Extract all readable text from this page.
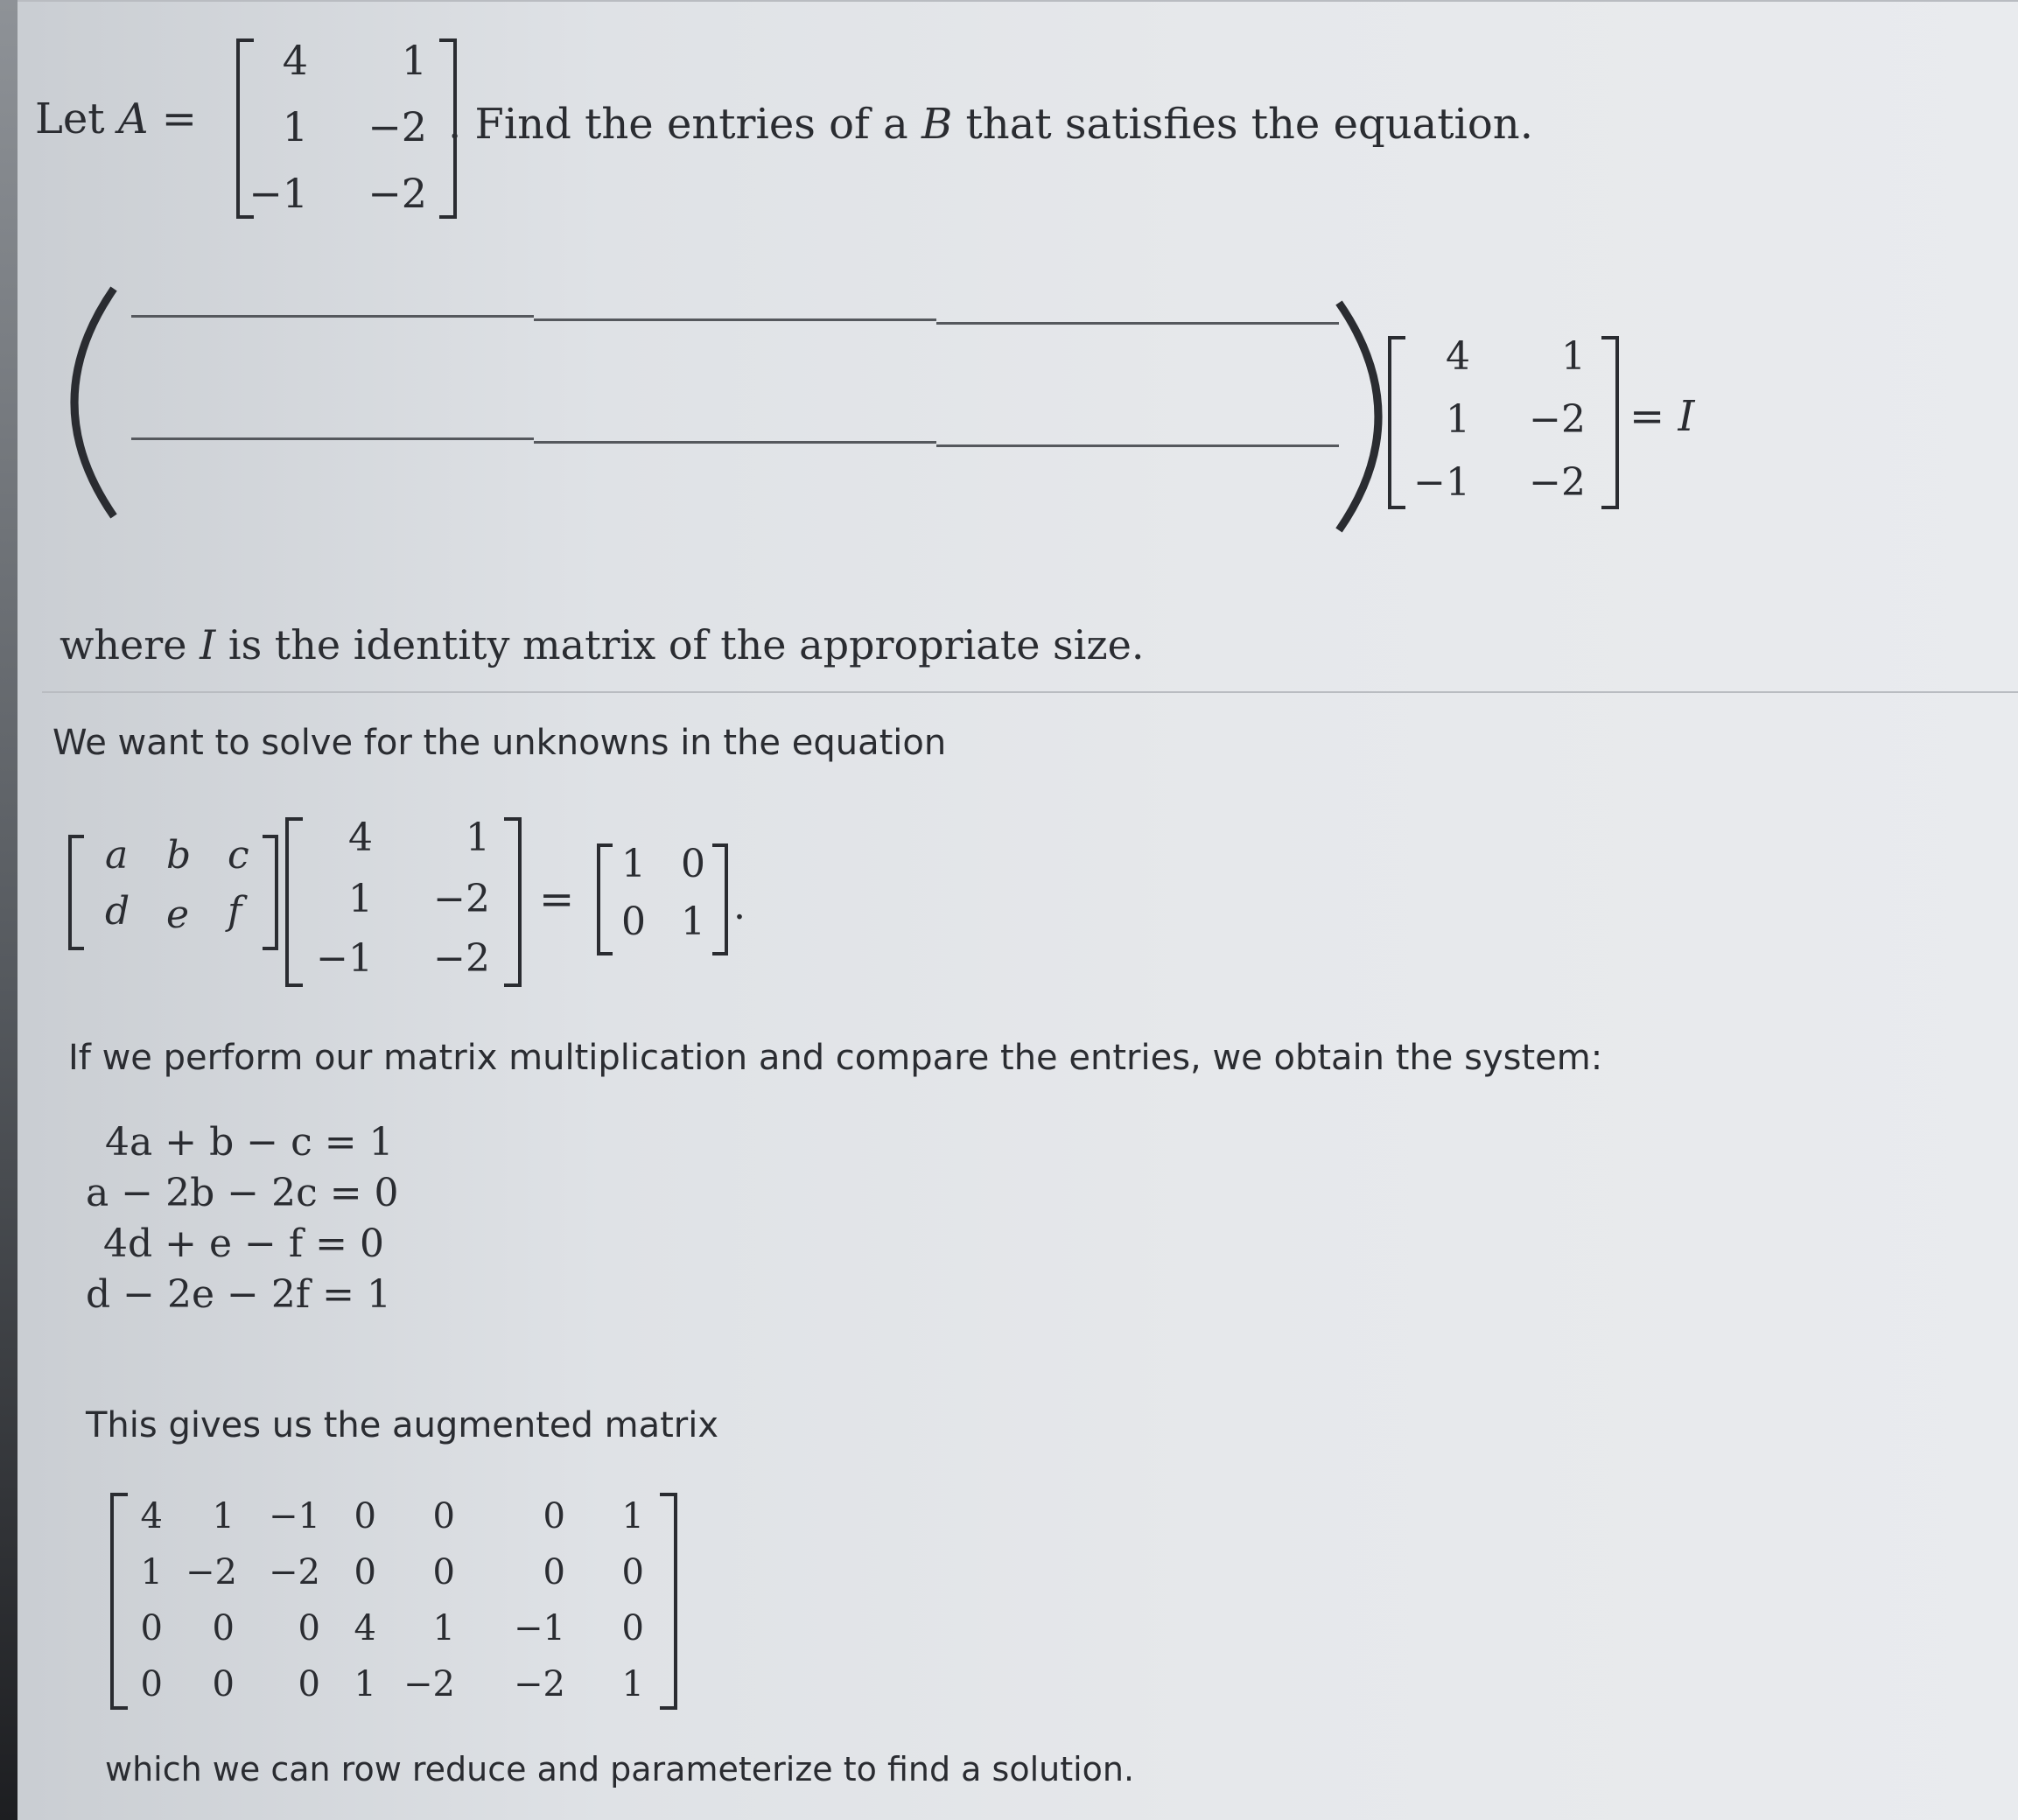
Let A =
4 1
1 −2
−1 −2
. Find the entries of a B that satisfies the equation.
4 1
1 −2
−1 −2
= I
where I is the identity matrix of the appropriate size.
We want to solve for the unknowns in the equation
a b c
d e f
4 1
1 −2
−1 −2
=
1 0
0 1 .
If we perform our matrix multiplication and compare the entries, we obtain the system:
4a + b − c = 1
a − 2b − 2c = 0
4d + e − f = 0
d − 2e − 2f = 1
This gives us the augmented matrix
4	1 −1 0	0	0	1
1 −2 −2 0	0	0	0
0	0	0 4	1	−1	0
0	0	0 1 −2	−2	1
which we can row reduce and parameterize to find a solution.
